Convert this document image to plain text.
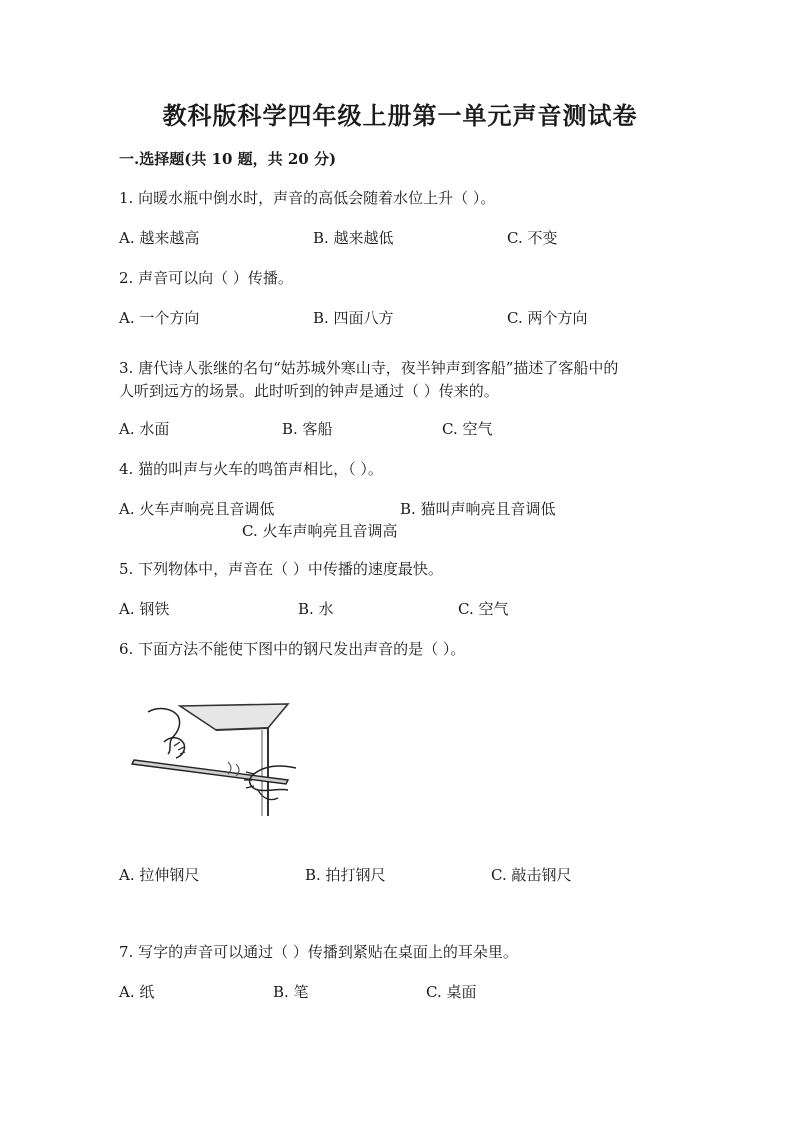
教科版科学四年级上册第一单元声音测试卷
一.选择题(共 10 题，共 20 分)
1. 向暖水瓶中倒水时，声音的高低会随着水位上升（ ）。
A. 越来越高	B. 越来越低	C. 不变
2. 声音可以向（ ）传播。
A. 一个方向	B. 四面八方	C. 两个方向
3. 唐代诗人张继的名句“姑苏城外寒山寺，夜半钟声到客船”描述了客船中的
人听到远方的场景。此时听到的钟声是通过（ ）传来的。
A. 水面	B. 客船	C. 空气
4. 猫的叫声与火车的鸣笛声相比，（ ）。
A. 火车声响亮且音调低	B. 猫叫声响亮且音调低
C. 火车声响亮且音调高
5. 下列物体中，声音在（ ）中传播的速度最快。
A. 钢铁	B. 水	C. 空气
6. 下面方法不能使下图中的钢尺发出声音的是（ ）。
A. 拉伸钢尺	B. 拍打钢尺	C. 敲击钢尺
7. 写字的声音可以通过（ ）传播到紧贴在桌面上的耳朵里。
A. 纸	B. 笔	C. 桌面
